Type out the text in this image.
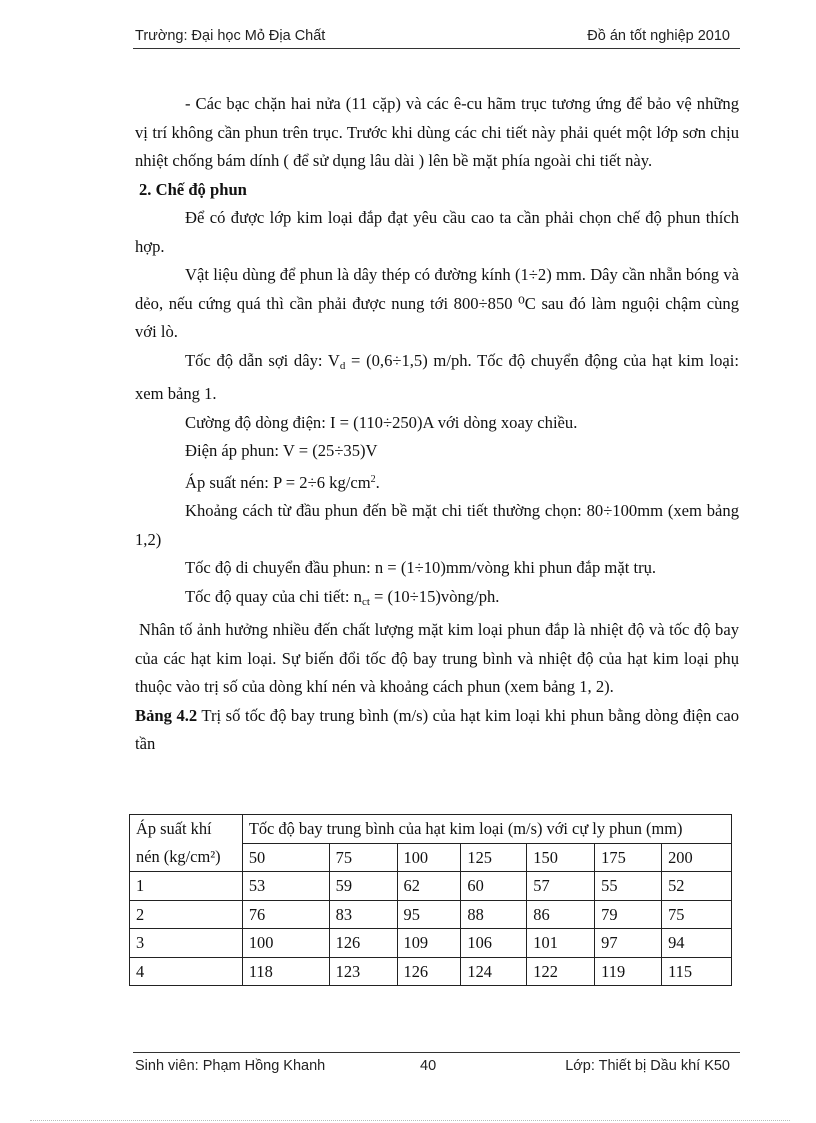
Trường: Đại học Mỏ Địa Chất	Đồ án tốt nghiệp 2010

- Các bạc chặn hai nửa (11 cặp) và các ê-cu hãm trục tương ứng để bảo vệ những vị trí không cần phun trên trục. Trước khi dùng các chi tiết này phải quét một lớp sơn chịu nhiệt chống bám dính ( để sử dụng lâu dài ) lên bề mặt phía ngoài chi tiết này.

2. Chế độ phun

Để có được lớp kim loại đắp đạt yêu cầu cao ta cần phải chọn chế độ phun thích hợp.

Vật liệu dùng để phun là dây thép có đường kính (1÷2) mm. Dây cần nhẵn bóng và dẻo, nếu cứng quá thì cần phải được nung tới 800÷850 ⁰C sau đó làm nguội chậm cùng với lò.

Tốc độ dẫn sợi dây: $V_d = (0,6\div 1,5)$ m/ph. Tốc độ chuyển động của hạt kim loại: xem bảng 1.

Cường độ dòng điện: I = (110÷250)A với dòng xoay chiều.

Điện áp phun: V = (25÷35)V

Áp suất nén: P = 2÷6 $kg/cm^2$.

Khoảng cách từ đầu phun đến bề mặt chi tiết thường chọn: 80÷100mm (xem bảng 1,2)

Tốc độ di chuyển đầu phun: n = (1÷10)mm/vòng khi phun đắp mặt trụ.

Tốc độ quay của chi tiết: $n_{ct}$ = (10÷15)vòng/ph.

Nhân tố ảnh hưởng nhiều đến chất lượng mặt kim loại phun đắp là nhiệt độ và tốc độ bay của các hạt kim loại. Sự biến đổi tốc độ bay trung bình và nhiệt độ của hạt kim loại phụ thuộc vào trị số của dòng khí nén và khoảng cách phun (xem bảng 1, 2).

Bảng 4.2 Trị số tốc độ bay trung bình (m/s) của hạt kim loại khi phun bằng dòng điện cao tần

Áp suất khí nén (kg/cm²)	Tốc độ bay trung bình của hạt kim loại (m/s) với cự ly phun (mm)						
	50	75	100	125	150	175	200
1	53	59	62	60	57	55	52
2	76	83	95	88	86	79	75
3	100	126	109	106	101	97	94
4	118	123	126	124	122	119	115
Sinh viên: Phạm Hồng Khanh	40	Lớp: Thiết bị Dầu khí K50
